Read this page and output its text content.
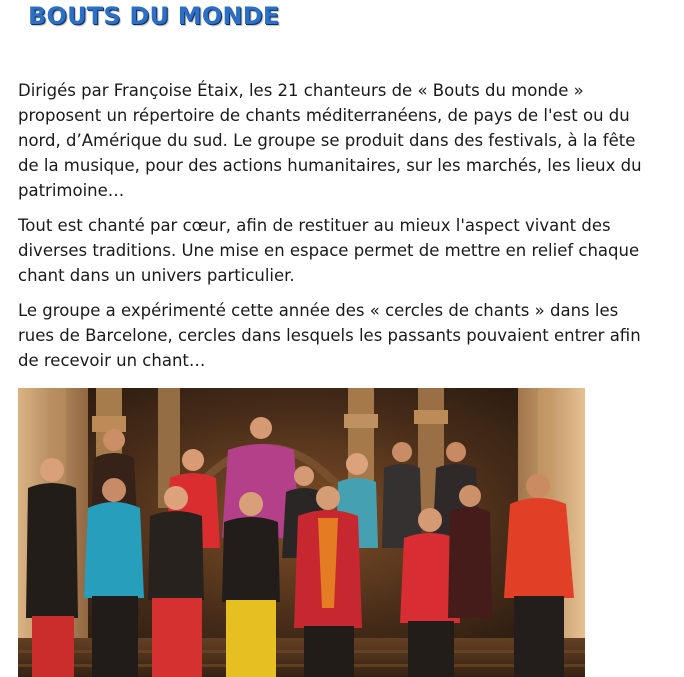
BOUTS DU MONDE

Dirigés par Françoise Étaix, les 21 chanteurs de « Bouts du monde » proposent un répertoire de chants méditerranéens, de pays de l'est ou du nord, d’Amérique du sud. Le groupe se produit dans des festivals, à la fête de la musique, pour des actions humanitaires, sur les marchés, les lieux du patrimoine…

Tout est chanté par cœur, afin de restituer au mieux l'aspect vivant des diverses traditions. Une mise en espace permet de mettre en relief chaque chant dans un univers particulier.

Le groupe a expérimenté cette année des « cercles de chants » dans les rues de Barcelone, cercles dans lesquels les passants pouvaient entrer afin de recevoir un chant…
